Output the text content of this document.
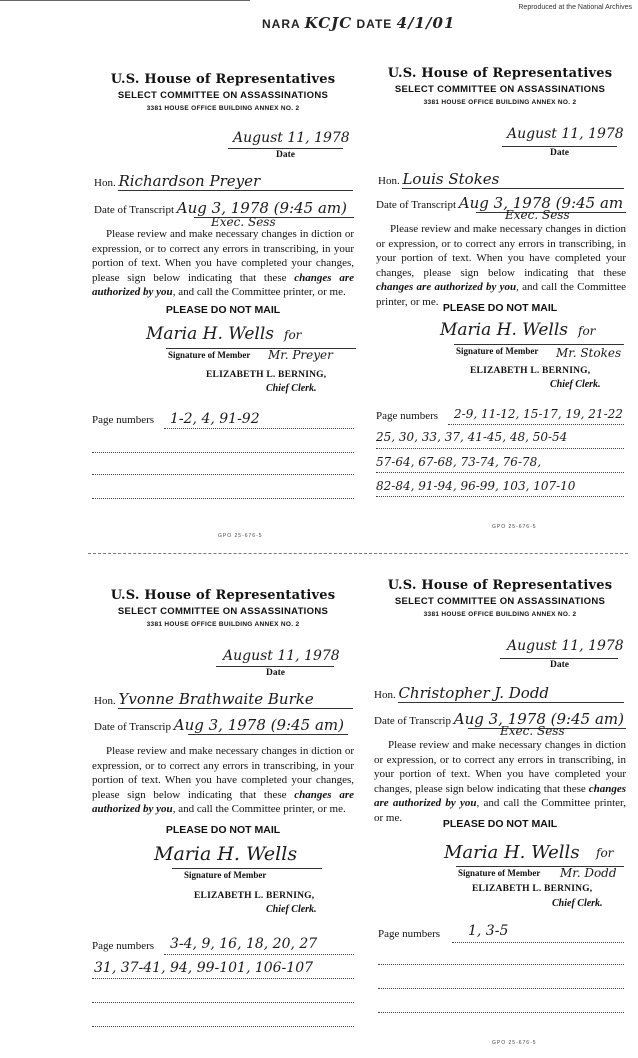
NARA KCJC DATE 4/1/01
Reproduced at the National Archives
U.S. House of Representatives
SELECT COMMITTEE ON ASSASSINATIONS
3381 HOUSE OFFICE BUILDING ANNEX NO. 2
August 11, 1978
Date
Hon. Richardson Preyer
Date of Transcript Aug 3, 1978 (9:45 am)
Exec. Sess
Please review and make necessary changes in diction or expression, or to correct any errors in transcribing, in your portion of text. When you have completed your changes, please sign below indicating that these changes are authorized by you, and call the Committee printer, or me.
PLEASE DO NOT MAIL
Maria H. Wells for
Signature of Member Mr. Preyer
ELIZABETH L. BERNING,
Chief Clerk.
Page numbers 1-2, 4, 91-92
GPO 25-676-5
U.S. House of Representatives
SELECT COMMITTEE ON ASSASSINATIONS
3381 HOUSE OFFICE BUILDING ANNEX NO. 2
August 11, 1978
Date
Hon. Louis Stokes
Date of Transcript Aug 3, 1978 (9:45 am
Exec. Sess
Please review and make necessary changes in diction or expression, or to correct any errors in transcribing, in your portion of text. When you have completed your changes, please sign below indicating that these changes are authorized by you, and call the Committee printer, or me.
PLEASE DO NOT MAIL
Maria H. Wells for
Signature of Member Mr. Stokes
ELIZABETH L. BERNING,
Chief Clerk.
Page numbers 2-9, 11-12, 15-17, 19, 21-22
25, 30, 33, 37, 41-45, 48, 50-54
57-64, 67-68, 73-74, 76-78,
82-84, 91-94, 96-99, 103, 107-10
GPO 25-676-5
U.S. House of Representatives
SELECT COMMITTEE ON ASSASSINATIONS
3381 HOUSE OFFICE BUILDING ANNEX NO. 2
August 11, 1978
Date
Hon. Yvonne Brathwaite Burke
Date of Transcrip Aug 3, 1978 (9:45 am)
Please review and make necessary changes in diction or expression, or to correct any errors in transcribing, in your portion of text. When you have completed your changes, please sign below indicating that these changes are authorized by you, and call the Committee printer, or me.
PLEASE DO NOT MAIL
Maria H. Wells
Signature of Member
ELIZABETH L. BERNING,
Chief Clerk.
Page numbers 3-4, 9, 16, 18, 20, 27
31, 37-41, 94, 99-101, 106-107
U.S. House of Representatives
SELECT COMMITTEE ON ASSASSINATIONS
3381 HOUSE OFFICE BUILDING ANNEX NO. 2
August 11, 1978
Date
Hon. Christopher J. Dodd
Date of Transcrip Aug 3, 1978 (9:45 am)
Exec. Sess
Please review and make necessary changes in diction or expression, or to correct any errors in transcribing, in your portion of text. When you have completed your changes, please sign below indicating that these changes are authorized by you, and call the Committee printer, or me.
PLEASE DO NOT MAIL
Maria H. Wells for
Signature of Member Mr. Dodd
ELIZABETH L. BERNING,
Chief Clerk.
Page numbers 1, 3-5
GPO 25-676-5
